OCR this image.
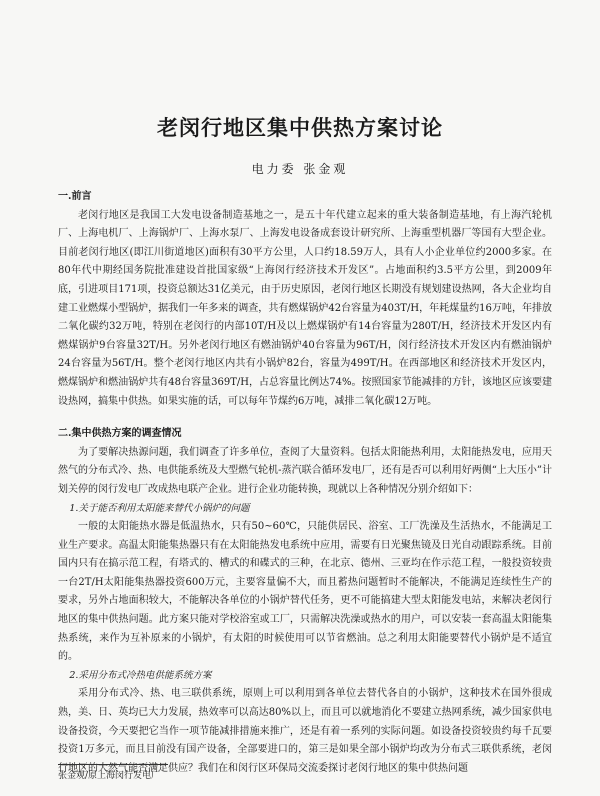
老闵行地区集中供热方案讨论
电力委 张金观

一.前言

老闵行地区是我国工大发电设备制造基地之一，是五十年代建立起来的重大装备制造基地，有上海汽轮机厂、上海电机厂、上海锅炉厂、上海水泵厂、上海发电设备成套设计研究所、上海重型机器厂等国有大型企业。目前老闵行地区(即江川街道地区)面积有30平方公里，人口约18.59万人，具有人小企业单位约2000多家。在80年代中期经国务院批准建设首批国家级“上海闵行经济技术开发区”。占地面积约3.5平方公里，到2009年底，引进项目171项，投资总额达31亿美元，由于历史原因，老闵行地区长期没有规划建设热网，各大企业均自建工业燃煤小型锅炉，据我们一年多来的调查，共有燃煤锅炉42台容量为403T/H，年耗煤量约16万吨，年排放二氧化碳约32万吨，特别在老闵行的内部10T/H及以上燃煤锅炉有14台容量为280T/H，经济技术开发区内有燃煤锅炉9台容量32T/H。另外老闵行地区有燃油锅炉40台容量为96T/H，闵行经济技术开发区内有燃油锅炉24台容量为56T/H。整个老闵行地区内共有小锅炉82台，容量为499T/H。在西部地区和经济技术开发区内，燃煤锅炉和燃油锅炉共有48台容量369T/H，占总容量比例达74%。按照国家节能减排的方针，该地区应该要建设热网，搞集中供热。如果实施的话，可以每年节煤约6万吨，减排二氧化碳12万吨。

二.集中供热方案的调查情况

为了要解决热源问题，我们调查了许多单位，查阅了大量资料。包括太阳能热利用，太阳能热发电，应用天然气的分布式冷、热、电供能系统及大型燃气轮机-蒸汽联合循环发电厂，还有是否可以利用好两侧“上大压小”计划关停的闵行发电厂改成热电联产企业。进行企业功能转换，现就以上各种情况分别介绍如下：

1.关于能否利用太阳能来替代小锅炉的问题

一般的太阳能热水器是低温热水，只有50~60℃，只能供居民、浴室、工厂洗澡及生活热水，不能满足工业生产要求。高温太阳能集热器只有在太阳能热发电系统中应用，需要有日光聚焦镜及日光自动跟踪系统。目前国内只有在搞示范工程，有塔式的、槽式的和碟式的三种，在北京、德州、三亚均在作示范工程，一般投资较贵一台2T/H太阳能集热器投资600万元，主要容量偏不大，而且蓄热问题暂时不能解决，不能满足连续性生产的要求，另外占地面积较大，不能解决各单位的小锅炉替代任务，更不可能搞建大型太阳能发电站，来解决老闵行地区的集中供热问题。此方案只能对学校浴室或工厂，只需解决洗澡或热水的用户，可以安装一套高温太阳能集热系统，来作为互补原来的小锅炉，有太阳的时候使用可以节省燃油。总之利用太阳能要替代小锅炉是不适宜的。

2.采用分布式冷热电供能系统方案

采用分布式冷、热、电三联供系统，原则上可以利用到各单位去替代各自的小锅炉，这种技术在国外很成熟，美、日、英均已大力发展，热效率可以高达80%以上，而且可以就地消化不要建立热网系统，减少国家供电设备投资，今天要把它当作一项节能减排措施来推广，还是有着一系列的实际问题。如设备投资较贵约每千瓦要投资1万多元，而且目前没有国产设备，全部要进口的，第三是如果全部小锅炉均改为分布式三联供系统，老闵行地区的大然气能否满足供应？我们在和闵行区环保局交流委探讨老闵行地区的集中供热问题

张金观/原上海闵行发电厂
